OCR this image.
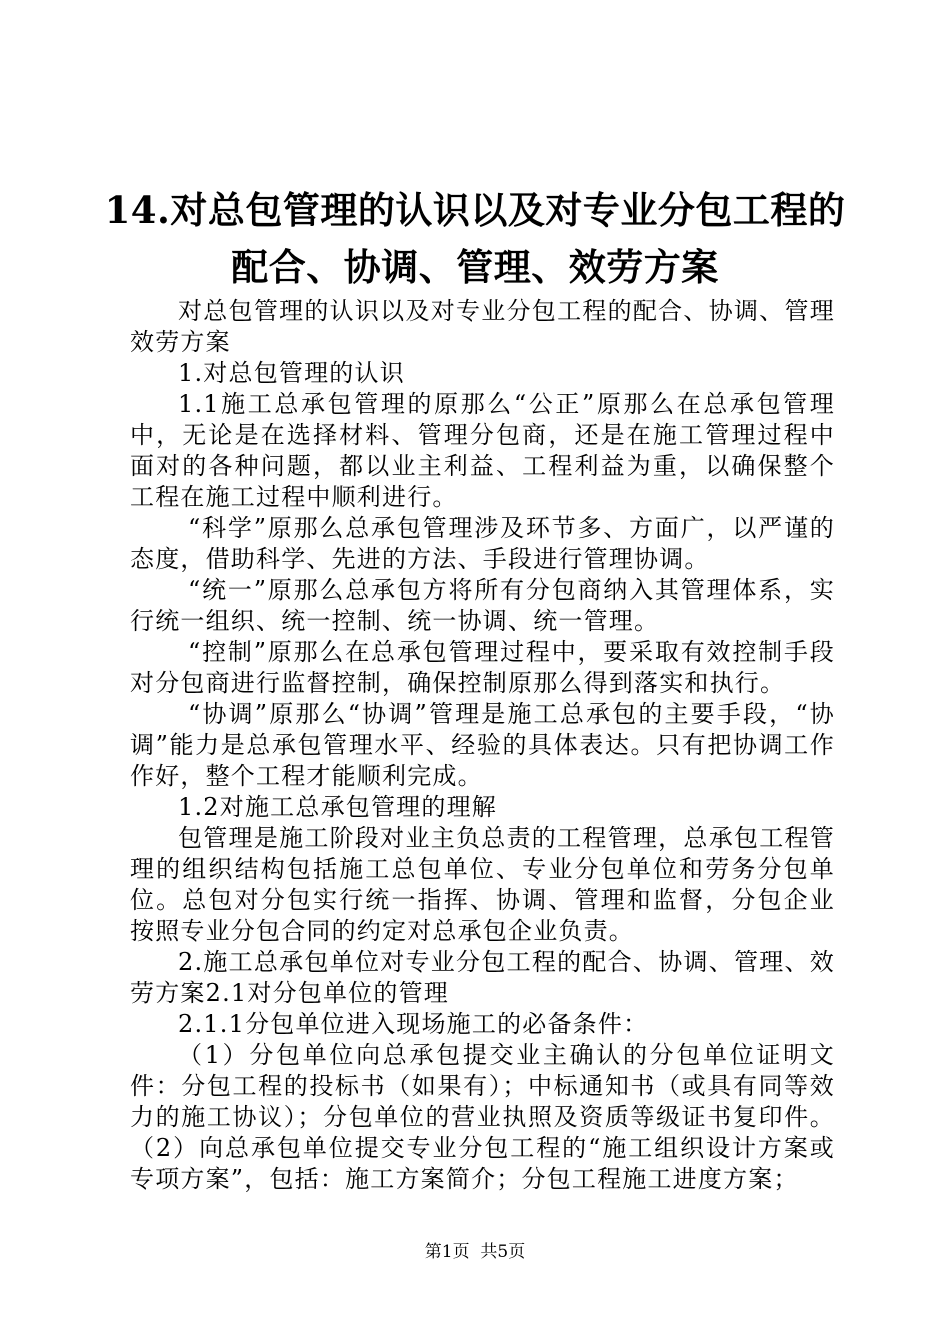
14.对总包管理的认识以及对专业分包工程的
配合、协调、管理、效劳方案

对总包管理的认识以及对专业分包工程的配合、协调、管理效劳方案

1.对总包管理的认识

1.1施工总承包管理的原那么“公正”原那么在总承包管理中，无论是在选择材料、管理分包商，还是在施工管理过程中面对的各种问题，都以业主利益、工程利益为重，以确保整个工程在施工过程中顺利进行。

“科学”原那么总承包管理涉及环节多、方面广，以严谨的态度，借助科学、先进的方法、手段进行管理协调。

“统一”原那么总承包方将所有分包商纳入其管理体系，实行统一组织、统一控制、统一协调、统一管理。

“控制”原那么在总承包管理过程中，要采取有效控制手段对分包商进行监督控制，确保控制原那么得到落实和执行。

“协调”原那么“协调”管理是施工总承包的主要手段，“协调”能力是总承包管理水平、经验的具体表达。只有把协调工作作好，整个工程才能顺利完成。

1.2对施工总承包管理的理解

包管理是施工阶段对业主负总责的工程管理，总承包工程管理的组织结构包括施工总包单位、专业分包单位和劳务分包单位。总包对分包实行统一指挥、协调、管理和监督，分包企业按照专业分包合同的约定对总承包企业负责。

2.施工总承包单位对专业分包工程的配合、协调、管理、效劳方案2.1对分包单位的管理

2.1.1分包单位进入现场施工的必备条件：

（1）分包单位向总承包提交业主确认的分包单位证明文件：分包工程的投标书（如果有）；中标通知书（或具有同等效力的施工协议）；分包单位的营业执照及资质等级证书复印件。（2）向总承包单位提交专业分包工程的“施工组织设计方案或专项方案”，包括：施工方案简介；分包工程施工进度方案；

第1页 共5页
